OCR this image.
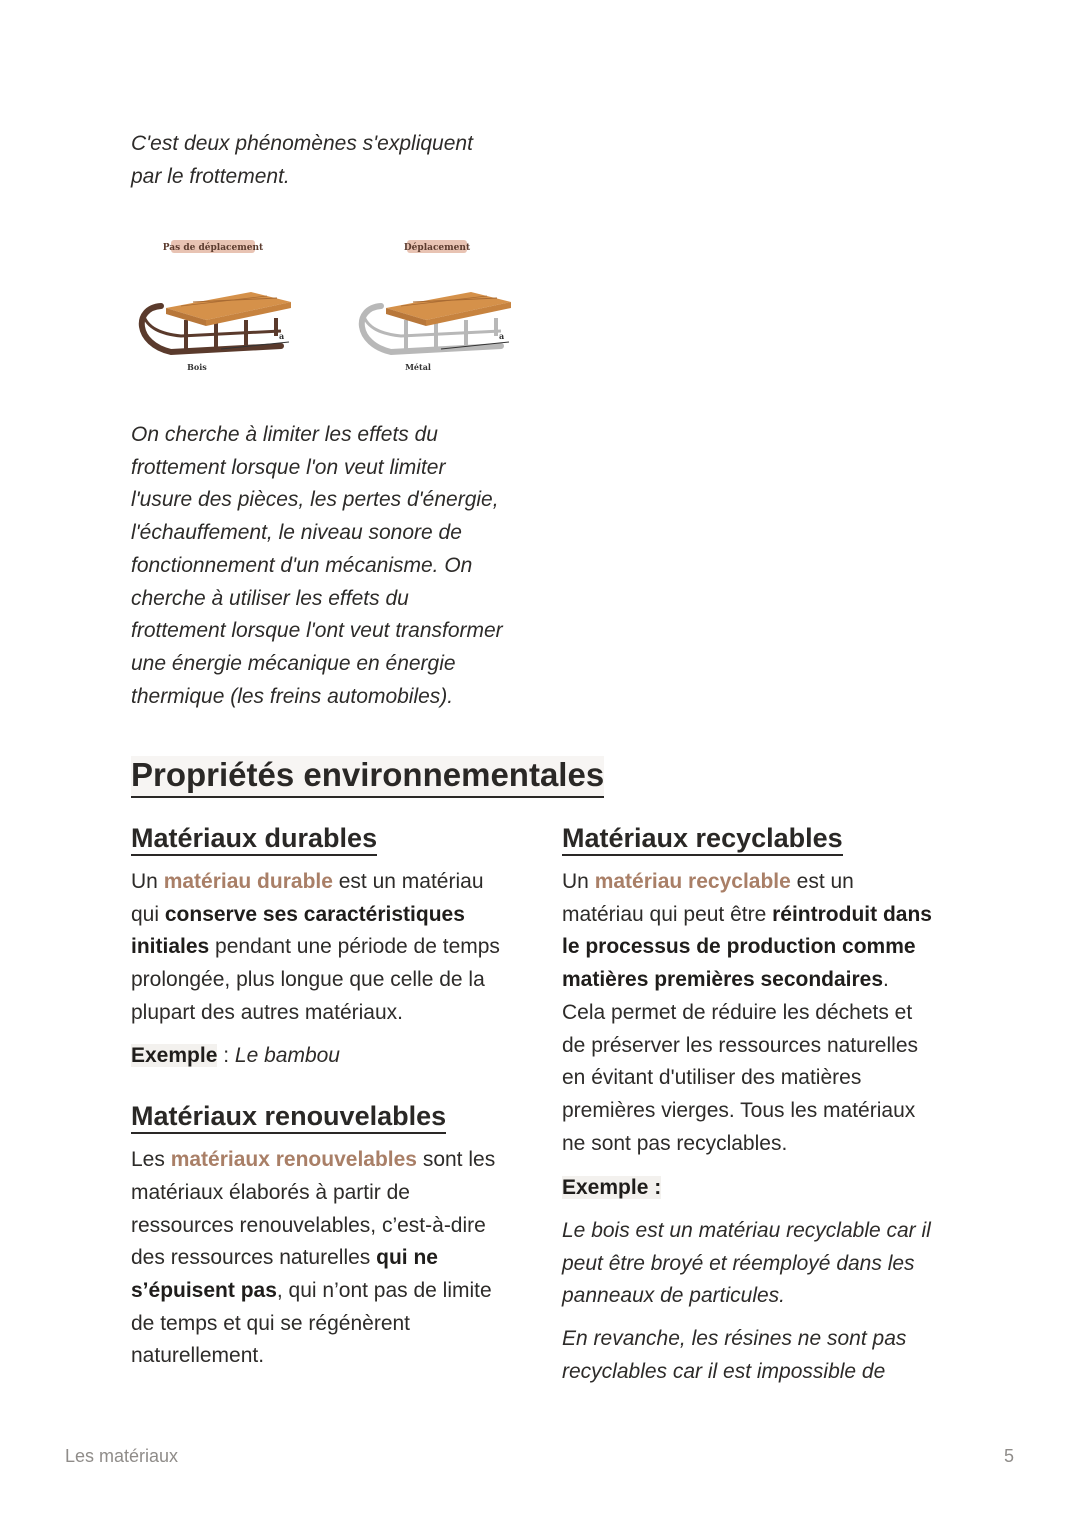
C'est deux phénomènes s'expliquent
par le frottement.
Pas de déplacement	Déplacement
a
Bois
a
Métal
On cherche à limiter les effets du
frottement lorsque l'on veut limiter
l'usure des pièces, les pertes d'énergie,
l'échauffement, le niveau sonore de
fonctionnement d'un mécanisme. On
cherche à utiliser les effets du
frottement lorsque l'ont veut transformer
une énergie mécanique en énergie
thermique (les freins automobiles).
Propriétés environnementales
Matériaux durables
Un matériau durable est un matériau
qui conserve ses caractéristiques
initiales pendant une période de temps
prolongée, plus longue que celle de la
plupart des autres matériaux.
Exemple : Le bambou
Matériaux renouvelables
Les matériaux renouvelables sont les
matériaux élaborés à partir de
ressources renouvelables, c’est-à-dire
des ressources naturelles qui ne
s’épuisent pas, qui n’ont pas de limite
de temps et qui se régénèrent
naturellement.
Matériaux recyclables
Un matériau recyclable est un
matériau qui peut être réintroduit dans
le processus de production comme
matières premières secondaires.
Cela permet de réduire les déchets et
de préserver les ressources naturelles
en évitant d'utiliser des matières
premières vierges. Tous les matériaux
ne sont pas recyclables.
Exemple :
Le bois est un matériau recyclable car il
peut être broyé et réemployé dans les
panneaux de particules.
En revanche, les résines ne sont pas
recyclables car il est impossible de
Les matériaux	5
